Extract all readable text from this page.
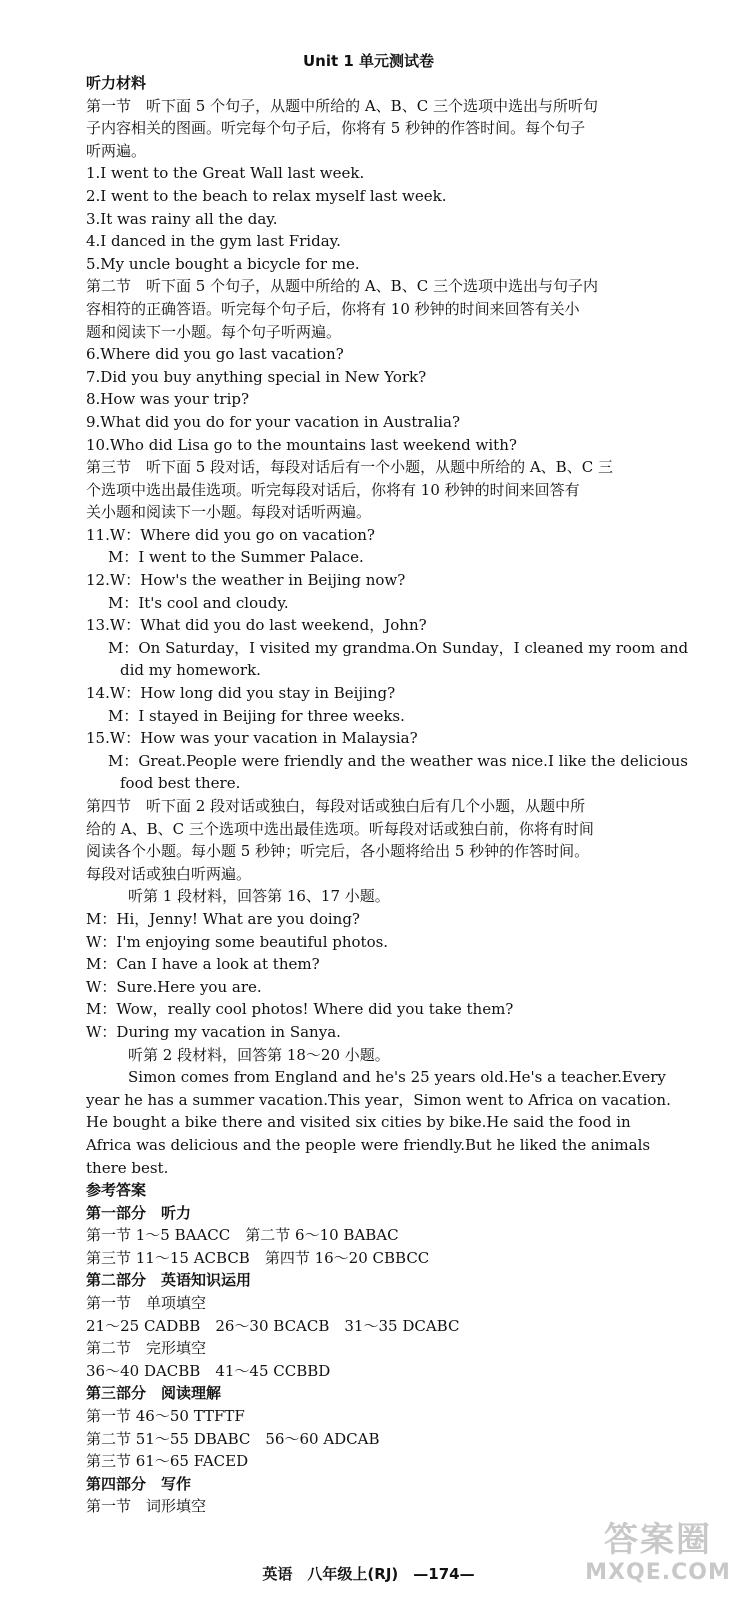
Unit 1 单元测试卷
听力材料
第一节　听下面 5 个句子，从题中所给的 A、B、C 三个选项中选出与所听句
子内容相关的图画。听完每个句子后，你将有 5 秒钟的作答时间。每个句子
听两遍。
1.I went to the Great Wall last week.
2.I went to the beach to relax myself last week.
3.It was rainy all the day.
4.I danced in the gym last Friday.
5.My uncle bought a bicycle for me.
第二节　听下面 5 个句子，从题中所给的 A、B、C 三个选项中选出与句子内
容相符的正确答语。听完每个句子后，你将有 10 秒钟的时间来回答有关小
题和阅读下一小题。每个句子听两遍。
6.Where did you go last vacation?
7.Did you buy anything special in New York?
8.How was your trip?
9.What did you do for your vacation in Australia?
10.Who did Lisa go to the mountains last weekend with?
第三节　听下面 5 段对话，每段对话后有一个小题，从题中所给的 A、B、C 三
个选项中选出最佳选项。听完每段对话后，你将有 10 秒钟的时间来回答有
关小题和阅读下一小题。每段对话听两遍。
11.W：Where did you go on vacation?
M：I went to the Summer Palace.
12.W：How's the weather in Beijing now?
M：It's cool and cloudy.
13.W：What did you do last weekend，John?
M：On Saturday，I visited my grandma.On Sunday，I cleaned my room and
did my homework.
14.W：How long did you stay in Beijing?
M：I stayed in Beijing for three weeks.
15.W：How was your vacation in Malaysia?
M：Great.People were friendly and the weather was nice.I like the delicious
food best there.
第四节　听下面 2 段对话或独白，每段对话或独白后有几个小题，从题中所
给的 A、B、C 三个选项中选出最佳选项。听每段对话或独白前，你将有时间
阅读各个小题。每小题 5 秒钟；听完后，各小题将给出 5 秒钟的作答时间。
每段对话或独白听两遍。
听第 1 段材料，回答第 16、17 小题。
M：Hi，Jenny! What are you doing?
W：I'm enjoying some beautiful photos.
M：Can I have a look at them?
W：Sure.Here you are.
M：Wow，really cool photos! Where did you take them?
W：During my vacation in Sanya.
听第 2 段材料，回答第 18～20 小题。
Simon comes from England and he's 25 years old.He's a teacher.Every
year he has a summer vacation.This year，Simon went to Africa on vacation.
He bought a bike there and visited six cities by bike.He said the food in
Africa was delicious and the people were friendly.But he liked the animals
there best.
参考答案
第一部分　听力
第一节 1～5 BAACC　第二节 6～10 BABAC
第三节 11～15 ACBCB　第四节 16～20 CBBCC
第二部分　英语知识运用
第一节　单项填空
21～25 CADBB　26～30 BCACB　31～35 DCABC
第二节　完形填空
36～40 DACBB　41～45 CCBBD
第三部分　阅读理解
第一节 46～50 TTFTF
第二节 51～55 DBABC　56～60 ADCAB
第三节 61～65 FACED
第四部分　写作
第一节　词形填空
英语　八年级上(RJ)　—174—
答案圈
MXQE.COM
